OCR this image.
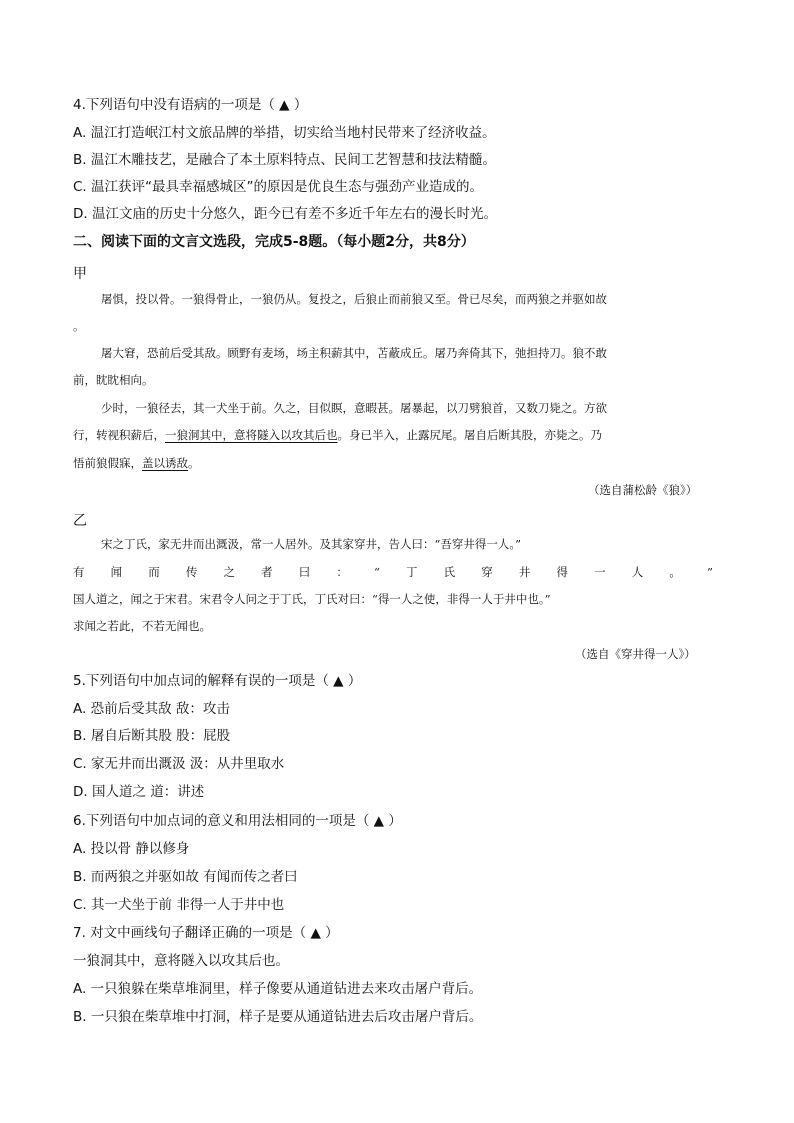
4.下列语句中没有语病的一项是（ ▲ ）
A. 温江打造岷江村文旅品牌的举措，切实给当地村民带来了经济收益。
B. 温江木雕技艺，是融合了本土原料特点、民间工艺智慧和技法精髓。
C. 温江获评“最具幸福感城区”的原因是优良生态与强劲产业造成的。
D. 温江文庙的历史十分悠久，距今已有差不多近千年左右的漫长时光。
二、阅读下面的文言文选段，完成5-8题。（每小题2分，共8分）
甲
屠惧，投以骨。一狼得骨止，一狼仍从。复投之，后狼止而前狼又至。骨已尽矣，而两狼之并驱如故
。
屠大窘，恐前后受其敌。顾野有麦场，场主积薪其中，苫蔽成丘。屠乃奔倚其下，弛担持刀。狼不敢
前，眈眈相向。
少时，一狼径去，其一犬坐于前。久之，目似瞑，意暇甚。屠暴起，以刀劈狼首，又数刀毙之。方欲
行，转视积薪后，一狼洞其中，意将隧入以攻其后也。身已半入，止露尻尾。屠自后断其股，亦毙之。乃
悟前狼假寐，盖以诱敌。
（选自蒲松龄《狼》）
乙
宋之丁氏，家无井而出溉汲，常一人居外。及其家穿井，告人曰：“吾穿井得一人。”
有 闻 而 传 之 者 曰 ： “ 丁 氏 穿 井 得 一 人 。 ”
国人道之，闻之于宋君。宋君令人问之于丁氏，丁氏对曰：“得一人之使，非得一人于井中也。”
求闻之若此，不若无闻也。
（选自《穿井得一人》）
5.下列语句中加点词的解释有误的一项是（ ▲ ）
A. 恐前后受其敌 敌：攻击
B. 屠自后断其股 股：屁股
C. 家无井而出溉汲 汲：从井里取水
D. 国人道之 道：讲述
6.下列语句中加点词的意义和用法相同的一项是（ ▲ ）
A. 投以骨 静以修身
B. 而两狼之并驱如故 有闻而传之者曰
C. 其一犬坐于前 非得一人于井中也
7. 对文中画线句子翻译正确的一项是（ ▲ ）
一狼洞其中，意将隧入以攻其后也。
A. 一只狼躲在柴草堆洞里，样子像要从通道钻进去来攻击屠户背后。
B. 一只狼在柴草堆中打洞，样子是要从通道钻进去后攻击屠户背后。
